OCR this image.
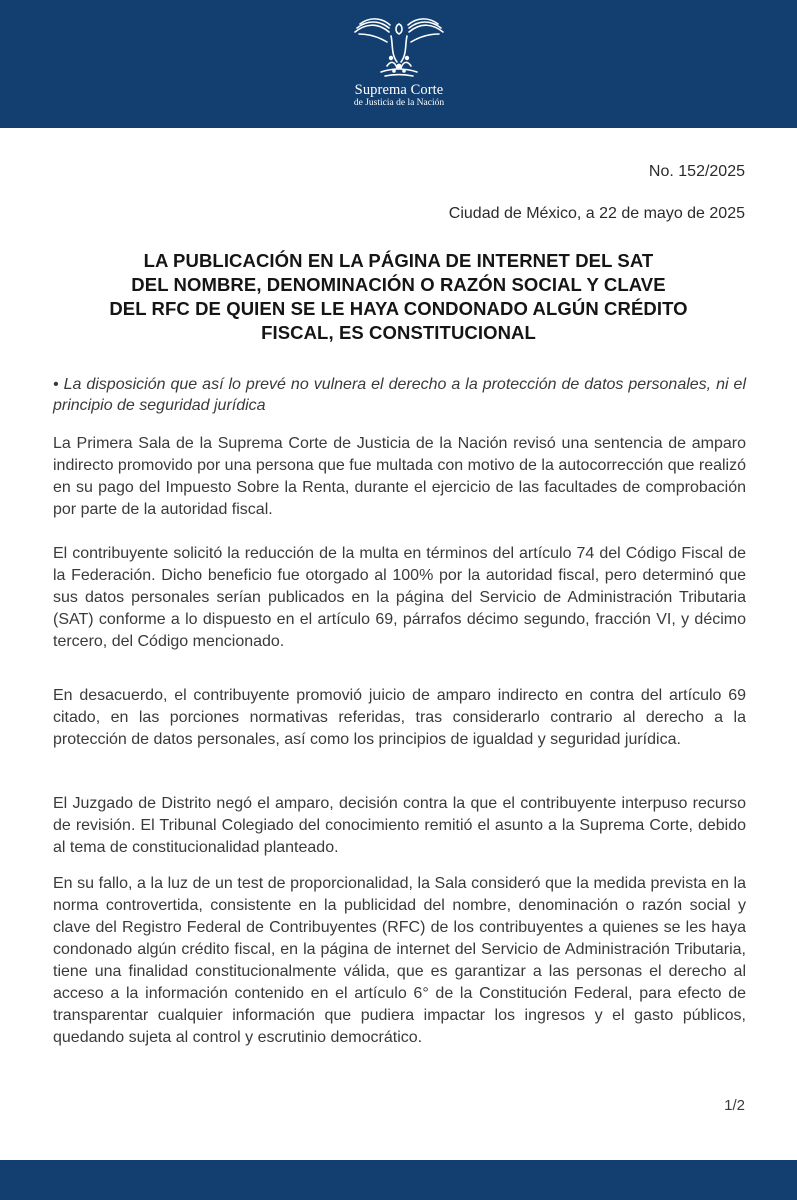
Suprema Corte
de Justicia de la Nación
No. 152/2025
Ciudad de México, a 22 de mayo de 2025
LA PUBLICACIÓN EN LA PÁGINA DE INTERNET DEL SAT
DEL NOMBRE, DENOMINACIÓN O RAZÓN SOCIAL Y CLAVE
DEL RFC DE QUIEN SE LE HAYA CONDONADO ALGÚN CRÉDITO
FISCAL, ES CONSTITUCIONAL
• La disposición que así lo prevé no vulnera el derecho a la protección de datos personales, ni el principio de seguridad jurídica
La Primera Sala de la Suprema Corte de Justicia de la Nación revisó una sentencia de amparo indirecto promovido por una persona que fue multada con motivo de la autocorrección que realizó en su pago del Impuesto Sobre la Renta, durante el ejercicio de las facultades de comprobación por parte de la autoridad fiscal.
El contribuyente solicitó la reducción de la multa en términos del artículo 74 del Código Fiscal de la Federación. Dicho beneficio fue otorgado al 100% por la autoridad fiscal, pero determinó que sus datos personales serían publicados en la página del Servicio de Administración Tributaria (SAT) conforme a lo dispuesto en el artículo 69, párrafos décimo segundo, fracción VI, y décimo tercero, del Código mencionado.
En desacuerdo, el contribuyente promovió juicio de amparo indirecto en contra del artículo 69 citado, en las porciones normativas referidas, tras considerarlo contrario al derecho a la protección de datos personales, así como los principios de igualdad y seguridad jurídica.
El Juzgado de Distrito negó el amparo, decisión contra la que el contribuyente interpuso recurso de revisión. El Tribunal Colegiado del conocimiento remitió el asunto a la Suprema Corte, debido al tema de constitucionalidad planteado.
En su fallo, a la luz de un test de proporcionalidad, la Sala consideró que la medida prevista en la norma controvertida, consistente en la publicidad del nombre, denominación o razón social y clave del Registro Federal de Contribuyentes (RFC) de los contribuyentes a quienes se les haya condonado algún crédito fiscal, en la página de internet del Servicio de Administración Tributaria, tiene una finalidad constitucionalmente válida, que es garantizar a las personas el derecho al acceso a la información contenido en el artículo 6° de la Constitución Federal, para efecto de transparentar cualquier información que pudiera impactar los ingresos y el gasto públicos, quedando sujeta al control y escrutinio democrático.
1/2
